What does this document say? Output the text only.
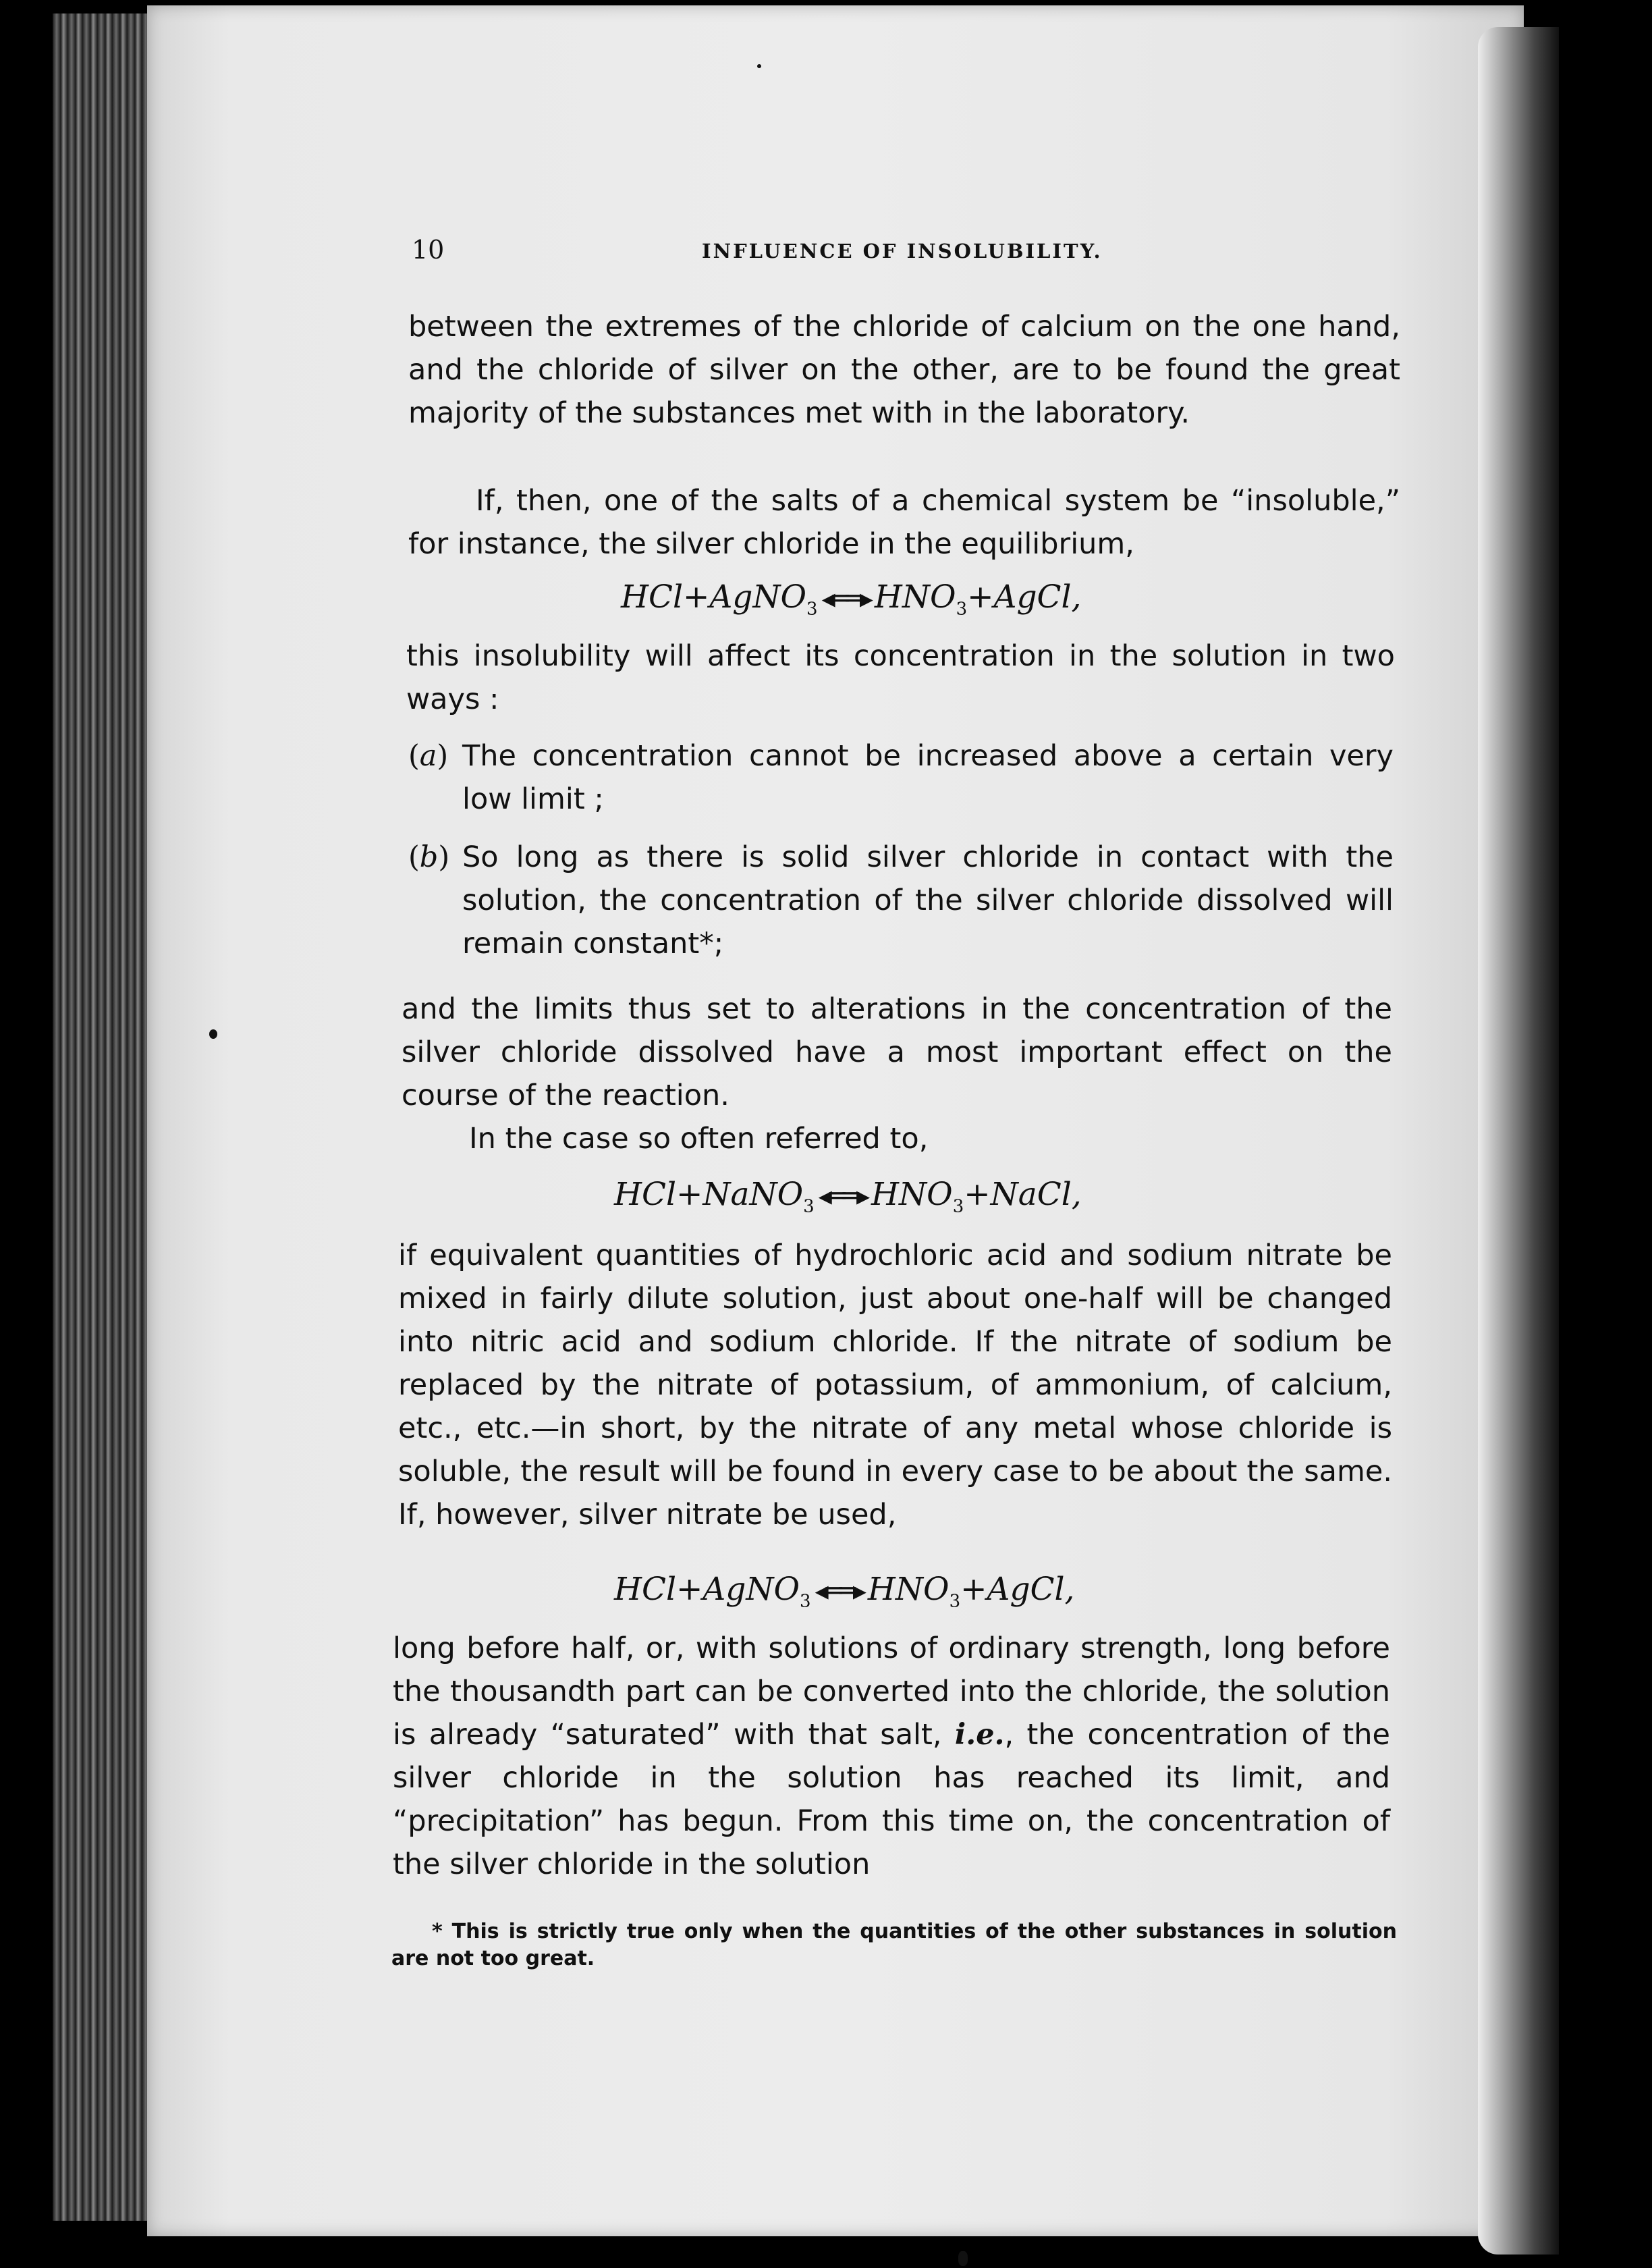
10	INFLUENCE OF INSOLUBILITY.
between the extremes of the chloride of calcium on the one hand, and the chloride of silver on the other, are to be found the great majority of the substances met with in the laboratory.
If, then, one of the salts of a chemical system be “insoluble,” for instance, the silver chloride in the equilibrium,
HCl+AgNO$_3$ ◂══▸ $HNO_3+AgCl$,
this insolubility will affect its concentration in the solution in two ways :
(a) The concentration cannot be increased above a certain very low limit ;
(b) So long as there is solid silver chloride in contact with the solution, the concentration of the silver chloride dissolved will remain constant*;
and the limits thus set to alterations in the concentration of the silver chloride dissolved have a most important effect on the course of the reaction.
In the case so often referred to,
HCl+NaNO$_3$ ◂══▸ $HNO_3+NaCl$,
if equivalent quantities of hydrochloric acid and sodium nitrate be mixed in fairly dilute solution, just about one-half will be changed into nitric acid and sodium chloride. If the nitrate of sodium be replaced by the nitrate of potassium, of ammonium, of calcium, etc., etc.—in short, by the nitrate of any metal whose chloride is soluble, the result will be found in every case to be about the same. If, however, silver nitrate be used,
HCl+AgNO$_3$ ◂══▸ $HNO_3+AgCl$,
long before half, or, with solutions of ordinary strength, long before the thousandth part can be converted into the chloride, the solution is already “saturated” with that salt, i.e., the concentration of the silver chloride in the solution has reached its limit, and “precipitation” has begun. From this time on, the concentration of the silver chloride in the solution
* This is strictly true only when the quantities of the other substances in solution are not too great.
